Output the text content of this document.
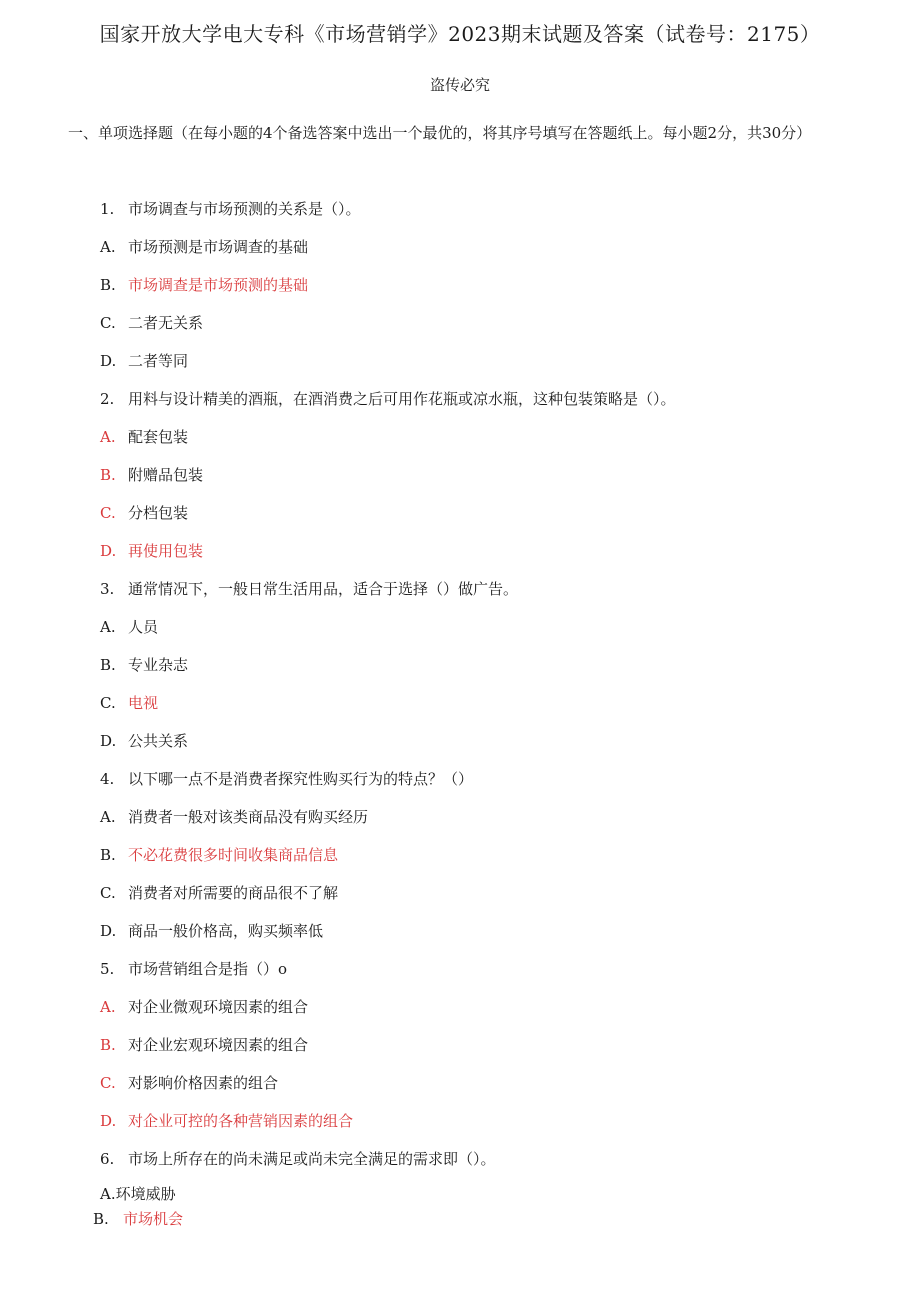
国家开放大学电大专科《市场营销学》2023期末试题及答案（试卷号：2175）
盗传必究
一、单项选择题（在每小题的4个备选答案中选出一个最优的，将其序号填写在答题纸上。每小题2分，共30分）
1. 市场调查与市场预测的关系是（）。
A. 市场预测是市场调查的基础
B. 市场调查是市场预测的基础
C. 二者无关系
D. 二者等同
2. 用料与设计精美的酒瓶，在酒消费之后可用作花瓶或凉水瓶，这种包装策略是（）。
A. 配套包装
B. 附赠品包装
C. 分档包装
D. 再使用包装
3. 通常情况下，一般日常生活用品，适合于选择（）做广告。
A. 人员
B. 专业杂志
C. 电视
D. 公共关系
4. 以下哪一点不是消费者探究性购买行为的特点？（）
A. 消费者一般对该类商品没有购买经历
B. 不必花费很多时间收集商品信息
C. 消费者对所需要的商品很不了解
D. 商品一般价格高，购买频率低
5. 市场营销组合是指（）o
A. 对企业微观环境因素的组合
B. 对企业宏观环境因素的组合
C. 对影响价格因素的组合
D. 对企业可控的各种营销因素的组合
6. 市场上所存在的尚未满足或尚未完全满足的需求即（）。
A.环境威胁
B. 市场机会
